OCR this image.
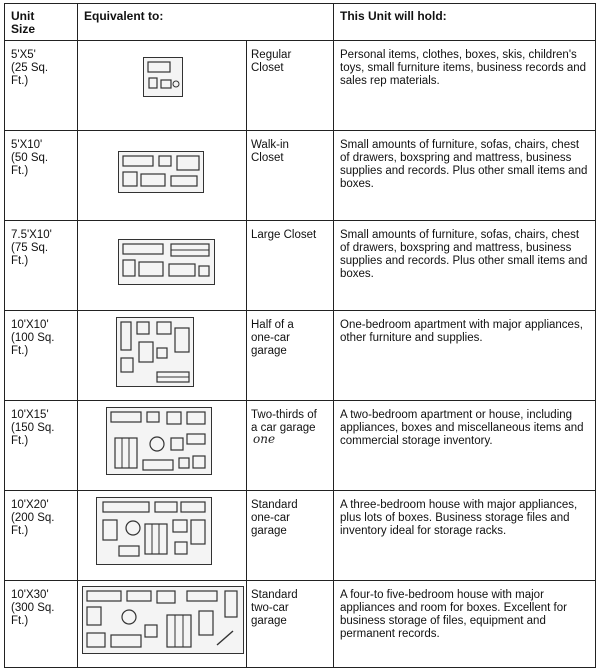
Unit
Size	Equivalent to:		This Unit will hold:

5'X5'
(25 Sq.
Ft.)		Regular
Closet	Personal items, clothes, boxes, skis, children's toys, small furniture items, business records and sales rep materials.
5'X10'
(50 Sq.
Ft.)		Walk-in
Closet	Small amounts of furniture, sofas, chairs, chest of drawers, boxspring and mattress, business supplies and records. Plus other small items and boxes.
7.5'X10'
(75 Sq.
Ft.)		Large Closet	Small amounts of furniture, sofas, chairs, chest of drawers, boxspring and mattress, business supplies and records. Plus other small items and boxes.
10'X10'
(100 Sq.
Ft.)		Half of a
one-car
garage	One-bedroom apartment with major appliances, other furniture and supplies.
10'X15'
(150 Sq.
Ft.)		Two-thirds of
a car garage
one	A two-bedroom apartment or house, including appliances, boxes and miscellaneous items and commercial storage inventory.
10'X20'
(200 Sq.
Ft.)		Standard
one-car
garage	A three-bedroom house with major appliances, plus lots of boxes. Business storage files and inventory ideal for storage racks.
10'X30'
(300 Sq.
Ft.)		Standard
two-car
garage	A four-to five-bedroom house with major appliances and room for boxes. Excellent for business storage of files, equipment and permanent records.
